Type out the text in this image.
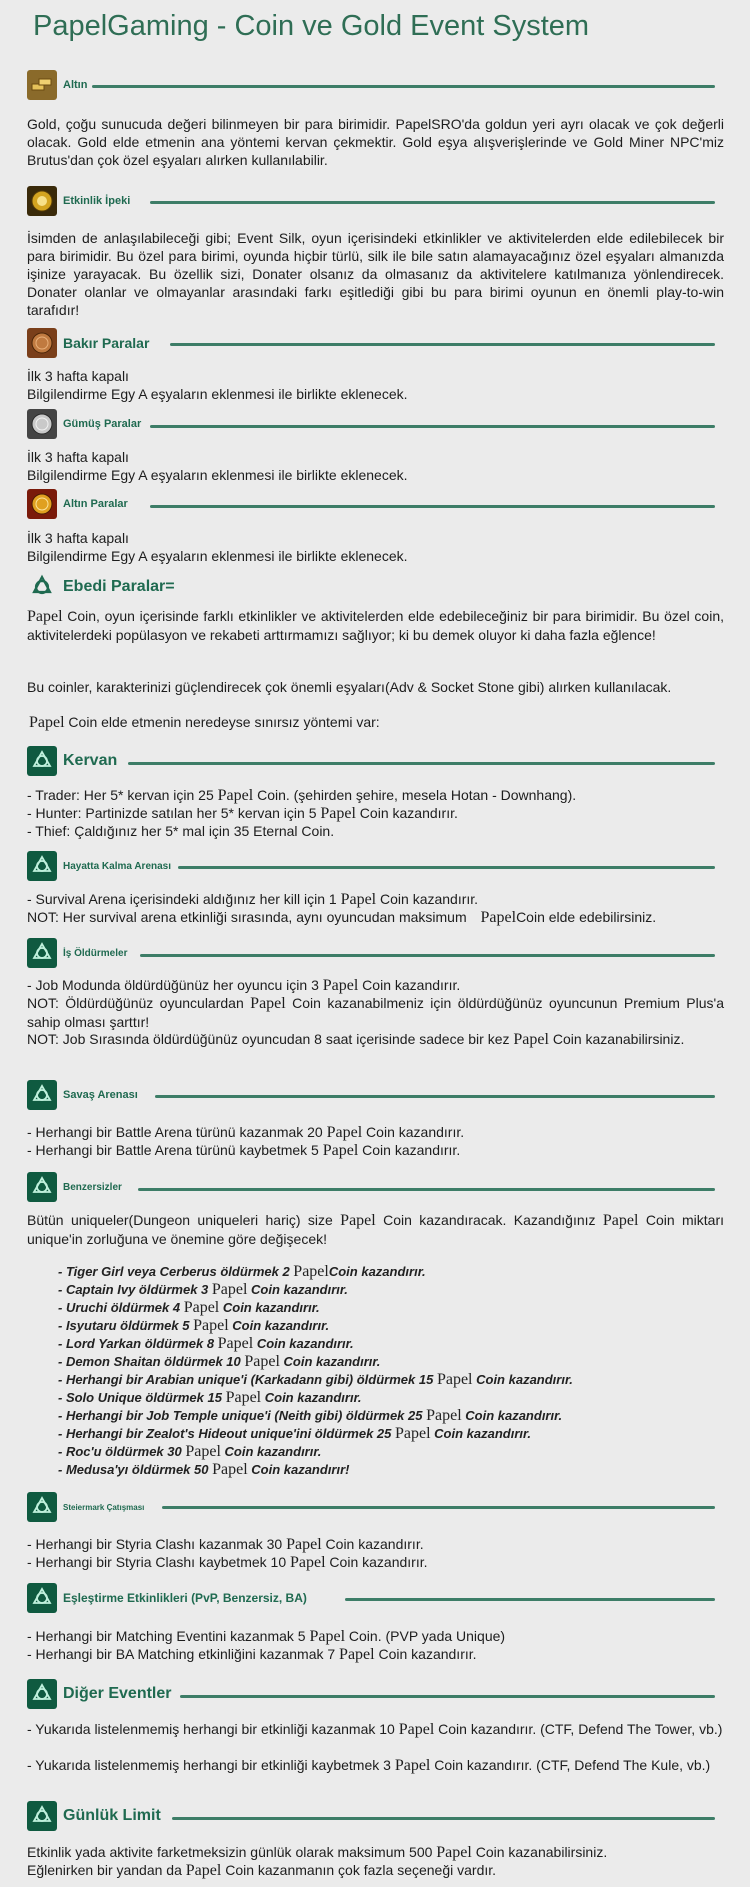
PapelGaming - Coin ve Gold Event System
Altın
Gold, çoğu sunucuda değeri bilinmeyen bir para birimidir. PapelSRO'da goldun yeri ayrı olacak ve çok değerli olacak. Gold elde etmenin ana yöntemi kervan çekmektir. Gold eşya alışverişlerinde ve Gold Miner NPC'miz Brutus'dan çok özel eşyaları alırken kullanılabilir.
Etkinlik İpeki
İsimden de anlaşılabileceği gibi; Event Silk, oyun içerisindeki etkinlikler ve aktivitelerden elde edilebilecek bir para birimidir. Bu özel para birimi, oyunda hiçbir türlü, silk ile bile satın alamayacağınız özel eşyaları almanızda işinize yarayacak. Bu özellik sizi, Donater olsanız da olmasanız da aktivitelere katılmanıza yönlendirecek. Donater olanlar ve olmayanlar arasındaki farkı eşitlediği gibi bu para birimi oyunun en önemli play-to-win tarafıdır!
Bakır Paralar
İlk 3 hafta kapalı
Bilgilendirme Egy A eşyaların eklenmesi ile birlikte eklenecek.
Gümüş Paralar
İlk 3 hafta kapalı
Bilgilendirme Egy A eşyaların eklenmesi ile birlikte eklenecek.
Altın Paralar
İlk 3 hafta kapalı
Bilgilendirme Egy A eşyaların eklenmesi ile birlikte eklenecek.
Ebedi Paralar=
Papel Coin, oyun içerisinde farklı etkinlikler ve aktivitelerden elde edebileceğiniz bir para birimidir. Bu özel coin, aktivitelerdeki popülasyon ve rekabeti arttırmamızı sağlıyor; ki bu demek oluyor ki daha fazla eğlence!
Bu coinler, karakterinizi güçlendirecek çok önemli eşyaları(Adv & Socket Stone gibi) alırken kullanılacak.
Papel Coin elde etmenin neredeyse sınırsız yöntemi var:
Kervan
- Trader: Her 5* kervan için 25 Papel Coin. (şehirden şehire, mesela Hotan - Downhang).
- Hunter: Partinizde satılan her 5* kervan için 5 Papel Coin kazandırır.
- Thief: Çaldığınız her 5* mal için 35 Eternal Coin.
Hayatta Kalma Arenası
- Survival Arena içerisindeki aldığınız her kill için 1 Papel Coin kazandırır.
NOT: Her survival arena etkinliği sırasında, aynı oyuncudan maksimum PapelCoin elde edebilirsiniz.
İş Öldürmeler
- Job Modunda öldürdüğünüz her oyuncu için 3 Papel Coin kazandırır.
NOT: Öldürdüğünüz oyunculardan Papel Coin kazanabilmeniz için öldürdüğünüz oyuncunun Premium Plus'a sahip olması şarttır!
NOT: Job Sırasında öldürdüğünüz oyuncudan 8 saat içerisinde sadece bir kez Papel Coin kazanabilirsiniz.
Savaş Arenası
- Herhangi bir Battle Arena türünü kazanmak 20 Papel Coin kazandırır.
- Herhangi bir Battle Arena türünü kaybetmek 5 Papel Coin kazandırır.
Benzersizler
Bütün uniqueler(Dungeon uniqueleri hariç) size Papel Coin kazandıracak. Kazandığınız Papel Coin miktarı unique'in zorluğuna ve önemine göre değişecek!
- Tiger Girl veya Cerberus öldürmek 2 PapelCoin kazandırır.
- Captain Ivy öldürmek 3 Papel Coin kazandırır.
- Uruchi öldürmek 4 Papel Coin kazandırır.
- Isyutaru öldürmek 5 Papel Coin kazandırır.
- Lord Yarkan öldürmek 8 Papel Coin kazandırır.
- Demon Shaitan öldürmek 10 Papel Coin kazandırır.
- Herhangi bir Arabian unique'i (Karkadann gibi) öldürmek 15 Papel Coin kazandırır.
- Solo Unique öldürmek 15 Papel Coin kazandırır.
- Herhangi bir Job Temple unique'i (Neith gibi) öldürmek 25 Papel Coin kazandırır.
- Herhangi bir Zealot's Hideout unique'ini öldürmek 25 Papel Coin kazandırır.
- Roc'u öldürmek 30 Papel Coin kazandırır.
- Medusa'yı öldürmek 50 Papel Coin kazandırır!
Steiermark Çatışması
- Herhangi bir Styria Clashı kazanmak 30 Papel Coin kazandırır.
- Herhangi bir Styria Clashı kaybetmek 10 Papel Coin kazandırır.
Eşleştirme Etkinlikleri (PvP, Benzersiz, BA)
- Herhangi bir Matching Eventini kazanmak 5 Papel Coin. (PVP yada Unique)
- Herhangi bir BA Matching etkinliğini kazanmak 7 Papel Coin kazandırır.
Diğer Eventler
- Yukarıda listelenmemiş herhangi bir etkinliği kazanmak 10 Papel Coin kazandırır. (CTF, Defend The Tower, vb.)
- Yukarıda listelenmemiş herhangi bir etkinliği kaybetmek 3 Papel Coin kazandırır. (CTF, Defend The Kule, vb.)
Günlük Limit
Etkinlik yada aktivite farketmeksizin günlük olarak maksimum 500 Papel Coin kazanabilirsiniz.
Eğlenirken bir yandan da Papel Coin kazanmanın çok fazla seçeneği vardır.
